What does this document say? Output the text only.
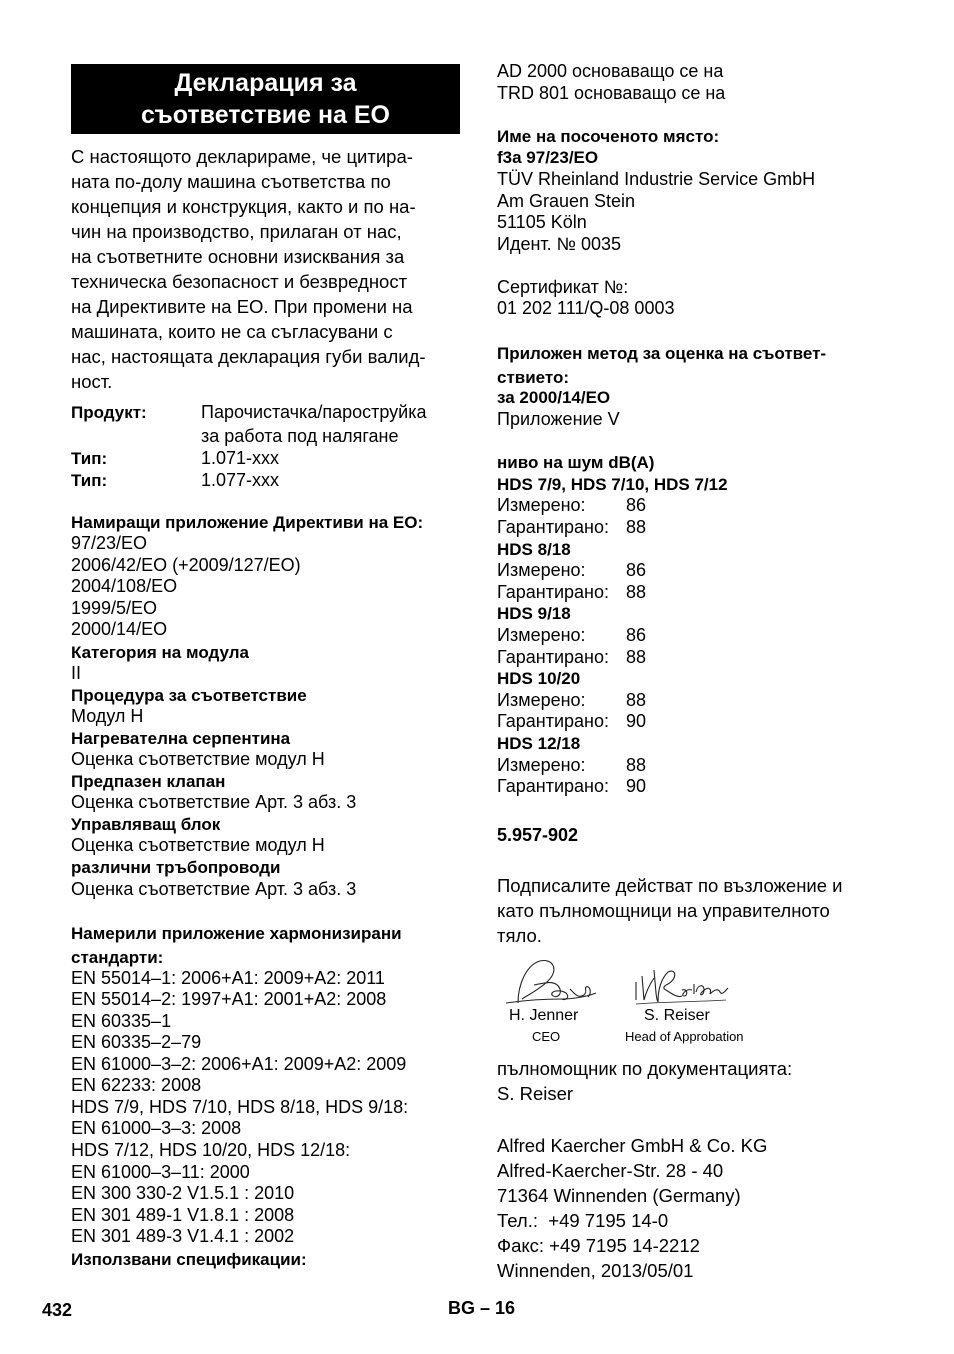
Декларация за
съответствие на ЕО
С настоящото декларираме, че цитира-
ната по-долу машина съответства по
концепция и конструкция, както и по на-
чин на производство, прилаган от нас,
на съответните основни изисквания за
техническа безопасност и безвредност
на Директивите на ЕО. При промени на
машината, които не са съгласувани с
нас, настоящата декларация губи валид-
ност.
Продукт:	Парочистачка/пароструйка
за работа под налягане
Тип:	1.071-xxx
Тип:	1.077-xxx
Намиращи приложение Директиви на ЕО:
97/23/EO
2006/42/EO (+2009/127/EO)
2004/108/EO
1999/5/EO
2000/14/EO
Категория на модула
II
Процедура за съответствие
Модул H
Нагревателна серпентина
Оценка съответствие модул H
Предпазен клапан
Оценка съответствие Арт. 3 абз. 3
Управляващ блок
Оценка съответствие модул H
различни тръбопроводи
Оценка съответствие Арт. 3 абз. 3
Намерили приложение хармонизирани
стандарти:
EN 55014–1: 2006+A1: 2009+A2: 2011
EN 55014–2: 1997+A1: 2001+A2: 2008
EN 60335–1
EN 60335–2–79
EN 61000–3–2: 2006+A1: 2009+A2: 2009
EN 62233: 2008
HDS 7/9, HDS 7/10, HDS 8/18, HDS 9/18:
EN 61000–3–3: 2008
HDS 7/12, HDS 10/20, HDS 12/18:
EN 61000–3–11: 2000
EN 300 330-2 V1.5.1 : 2010
EN 301 489-1 V1.8.1 : 2008
EN 301 489-3 V1.4.1 : 2002
Използвани спецификации:
AD 2000 основаващо се на
TRD 801 основаващо се на
Име на посоченото място:
f3а 97/23/EO
TÜV Rheinland Industrie Service GmbH
Am Grauen Stein
51105 Köln
Идент. № 0035
Сертификат №:
01 202 111/Q-08 0003
Приложен метод за оценка на съответ-
ствието:
за 2000/14/EO
Приложение V
ниво на шум dB(A)
HDS 7/9, HDS 7/10, HDS 7/12
Измерено: 86
Гарантирано: 88
HDS 8/18
Измерено: 86
Гарантирано: 88
HDS 9/18
Измерено: 86
Гарантирано: 88
HDS 10/20
Измерено: 88
Гарантирано: 90
HDS 12/18
Измерено: 88
Гарантирано: 90
5.957-902
Подписалите действат по възложение и
като пълномощници на управителното
тяло.
H. Jenner
CEO
S. Reiser
Head of Approbation
пълномощник по документацията:
S. Reiser
Alfred Kaercher GmbH & Co. KG
Alfred-Kaercher-Str. 28 - 40
71364 Winnenden (Germany)
Тел.:  +49 7195 14-0
Факс: +49 7195 14-2212
Winnenden, 2013/05/01
432	BG – 16
